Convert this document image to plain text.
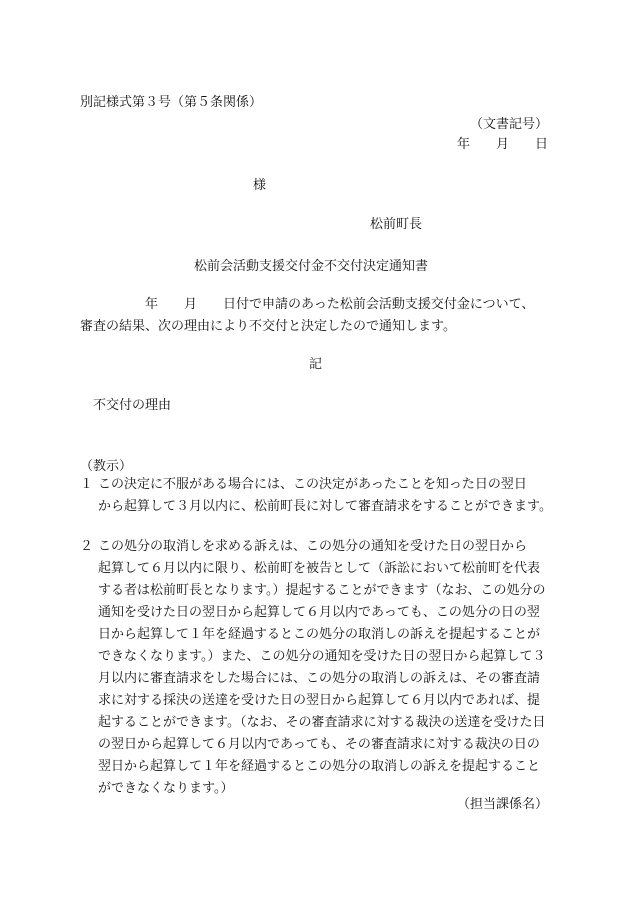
別記様式第３号（第５条関係）
（文書記号）
年　　月　　日
様
松前町長
松前会活動支援交付金不交付決定通知書
　　　　　年　　月　　日付で申請のあった松前会活動支援交付金について、
審査の結果、次の理由により不交付と決定したので通知します。
記
不交付の理由
（教示）
１ この決定に不服がある場合には、この決定があったことを知った日の翌日
から起算して３月以内に、松前町長に対して審査請求をすることができます。
２ この処分の取消しを求める訴えは、この処分の通知を受けた日の翌日から
起算して６月以内に限り、松前町を被告として（訴訟において松前町を代表
する者は松前町長となります。）提起することができます（なお、この処分の
通知を受けた日の翌日から起算して６月以内であっても、この処分の日の翌
日から起算して１年を経過するとこの処分の取消しの訴えを提起することが
できなくなります。）また、この処分の通知を受けた日の翌日から起算して３
月以内に審査請求をした場合には、この処分の取消しの訴えは、その審査請
求に対する採決の送達を受けた日の翌日から起算して６月以内であれば、提
起することができます。（なお、その審査請求に対する裁決の送達を受けた日
の翌日から起算して６月以内であっても、その審査請求に対する裁決の日の
翌日から起算して１年を経過するとこの処分の取消しの訴えを提起すること
ができなくなります。）
（担当課係名）
